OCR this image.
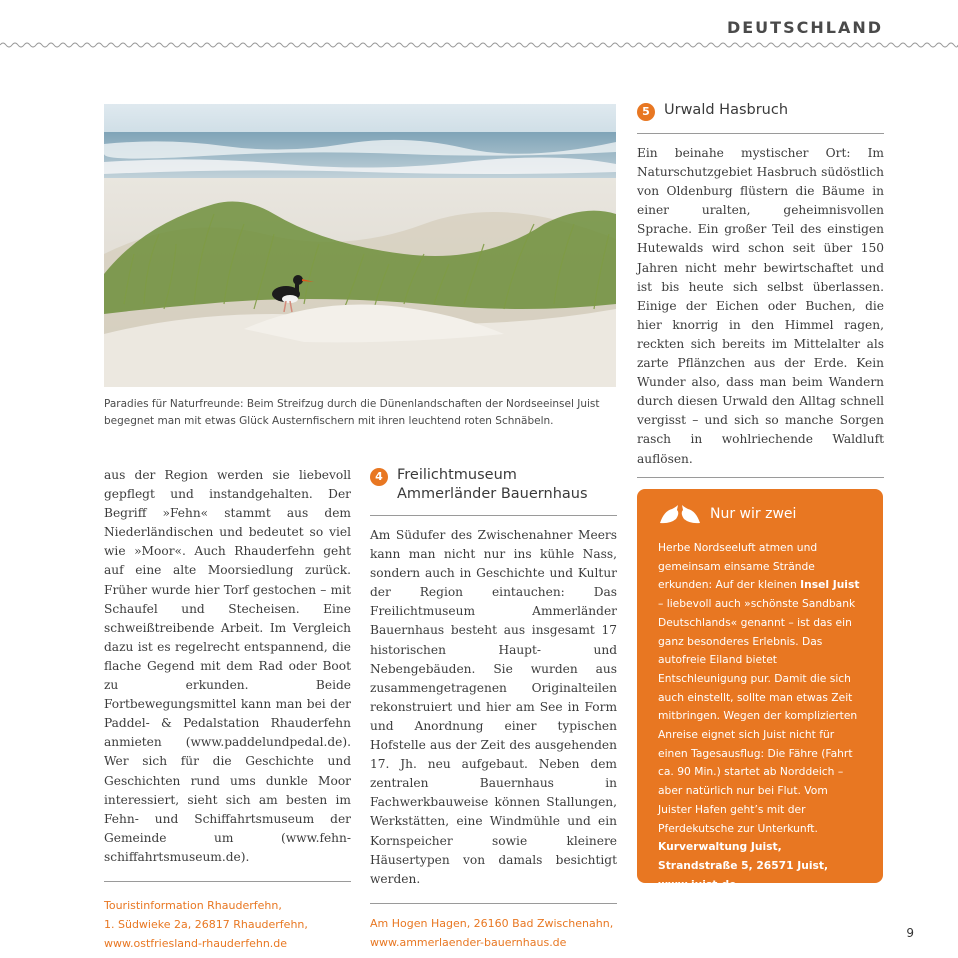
DEUTSCHLAND

Paradies für Naturfreunde: Beim Streifzug durch die Dünenlandschaften der Nordseeinsel Juist

begegnet man mit etwas Glück Austernfischern mit ihren leuchtend roten Schnäbeln.

aus der Region werden sie liebevoll gepflegt und instandgehalten. Der Begriff »Fehn« stammt aus dem Niederländischen und bedeutet so viel wie »Moor«. Auch Rhauderfehn geht auf eine alte Moorsiedlung zurück. Früher wurde hier Torf gestochen – mit Schaufel und Stecheisen. Eine schweißtreibende Arbeit. Im Vergleich dazu ist es regelrecht entspannend, die flache Gegend mit dem Rad oder Boot zu erkunden. Beide Fortbewegungsmittel kann man bei der Paddel- & Pedalstation Rhauderfehn anmieten (www.paddelundpedal.de). Wer sich für die Geschichte und Geschichten rund ums dunkle Moor interessiert, sieht sich am besten im Fehn- und Schiffahrtsmuseum der Gemeinde um (www.fehn-schiffahrtsmuseum.de).

Touristinformation Rhauderfehn,

1. Südwieke 2a, 26817 Rhauderfehn,

www.ostfriesland-rhauderfehn.de

4 Freilichtmuseum Ammerländer Bauernhaus

Am Südufer des Zwischenahner Meers kann man nicht nur ins kühle Nass, sondern auch in Geschichte und Kultur der Region eintauchen: Das Freilichtmuseum Ammerländer Bauernhaus besteht aus insgesamt 17 historischen Haupt- und Nebengebäuden. Sie wurden aus zusammengetragenen Originalteilen rekonstruiert und hier am See in Form und Anordnung einer typischen Hofstelle aus der Zeit des ausgehenden 17. Jh. neu aufgebaut. Neben dem zentralen Bauernhaus in Fachwerkbauweise können Stallungen, Werkstätten, eine Windmühle und ein Kornspeicher sowie kleinere Häusertypen von damals besichtigt werden.

Am Hogen Hagen, 26160 Bad Zwischenahn,

www.ammerlaender-bauernhaus.de

5 Urwald Hasbruch

Ein beinahe mystischer Ort: Im Naturschutzgebiet Hasbruch südöstlich von Oldenburg flüstern die Bäume in einer uralten, geheimnisvollen Sprache. Ein großer Teil des einstigen Hutewalds wird schon seit über 150 Jahren nicht mehr bewirtschaftet und ist bis heute sich selbst überlassen. Einige der Eichen oder Buchen, die hier knorrig in den Himmel ragen, reckten sich bereits im Mittelalter als zarte Pflänzchen aus der Erde. Kein Wunder also, dass man beim Wandern durch diesen Urwald den Alltag schnell vergisst – und sich so manche Sorgen rasch in wohlriechende Waldluft auflösen.

Nur wir zwei

Herbe Nordseeluft atmen und gemeinsam einsame Strände erkunden: Auf der kleinen Insel Juist – liebevoll auch »schönste Sandbank Deutschlands« genannt – ist das ein ganz besonderes Erlebnis. Das autofreie Eiland bietet Entschleunigung pur. Damit die sich auch einstellt, sollte man etwas Zeit mitbringen. Wegen der komplizierten Anreise eignet sich Juist nicht für einen Tagesausflug: Die Fähre (Fahrt ca. 90 Min.) startet ab Norddeich – aber natürlich nur bei Flut. Vom Juister Hafen geht’s mit der Pferdekutsche zur Unterkunft.

Kurverwaltung Juist,

Strandstraße 5, 26571 Juist,

www.juist.de

9
